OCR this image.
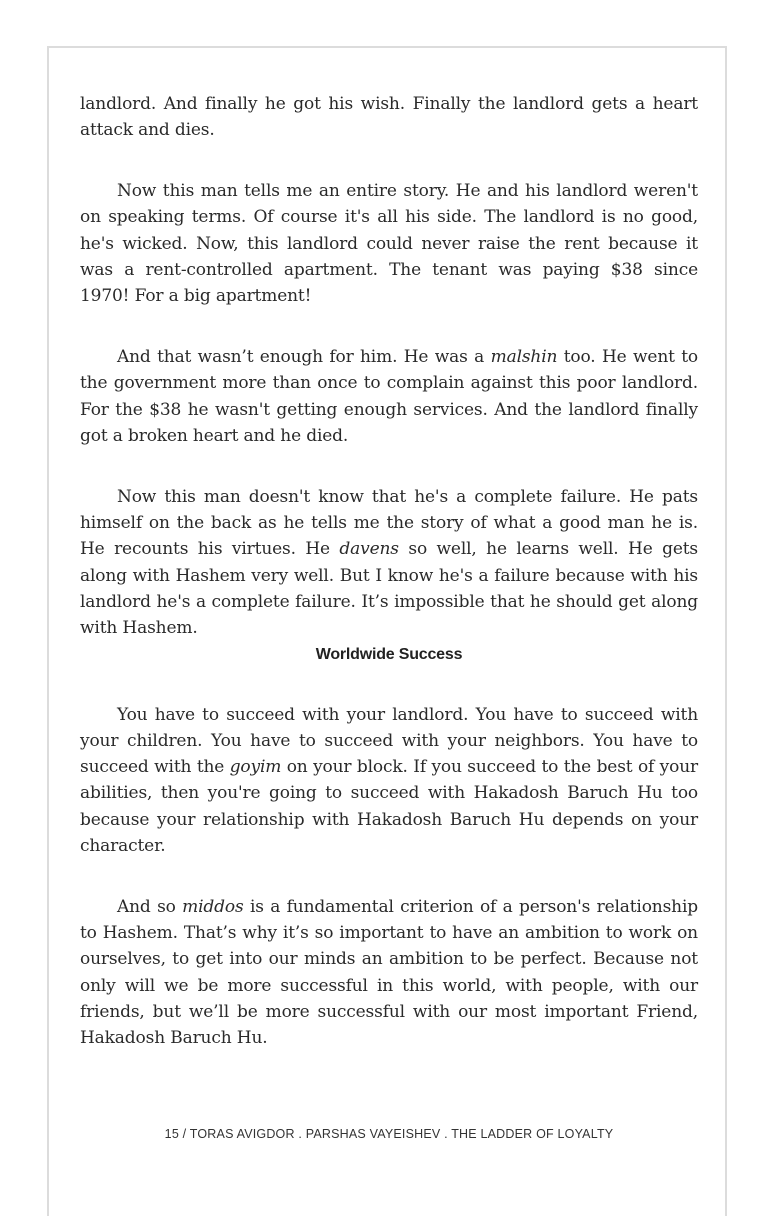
landlord. And finally he got his wish. Finally the landlord gets a heart attack and dies.

Now this man tells me an entire story. He and his landlord weren't on speaking terms. Of course it's all his side. The landlord is no good, he's wicked. Now, this landlord could never raise the rent because it was a rent-controlled apartment. The tenant was paying $38 since 1970! For a big apartment!

And that wasn’t enough for him. He was a malshin too. He went to the government more than once to complain against this poor landlord. For the $38 he wasn't getting enough services. And the landlord finally got a broken heart and he died.

Now this man doesn't know that he's a complete failure. He pats himself on the back as he tells me the story of what a good man he is. He recounts his virtues. He davens so well, he learns well. He gets along with Hashem very well. But I know he's a failure because with his landlord he's a complete failure. It’s impossible that he should get along with Hashem.

Worldwide Success

You have to succeed with your landlord. You have to succeed with your children. You have to succeed with your neighbors. You have to succeed with the goyim on your block. If you succeed to the best of your abilities, then you're going to succeed with Hakadosh Baruch Hu too because your relationship with Hakadosh Baruch Hu depends on your character.

And so middos is a fundamental criterion of a person's relationship to Hashem. That’s why it’s so important to have an ambition to work on ourselves, to get into our minds an ambition to be perfect. Because not only will we be more successful in this world, with people, with our friends, but we’ll be more successful with our most important Friend, Hakadosh Baruch Hu.

15 / TORAS AVIGDOR . PARSHAS VAYEISHEV . THE LADDER OF LOYALTY
